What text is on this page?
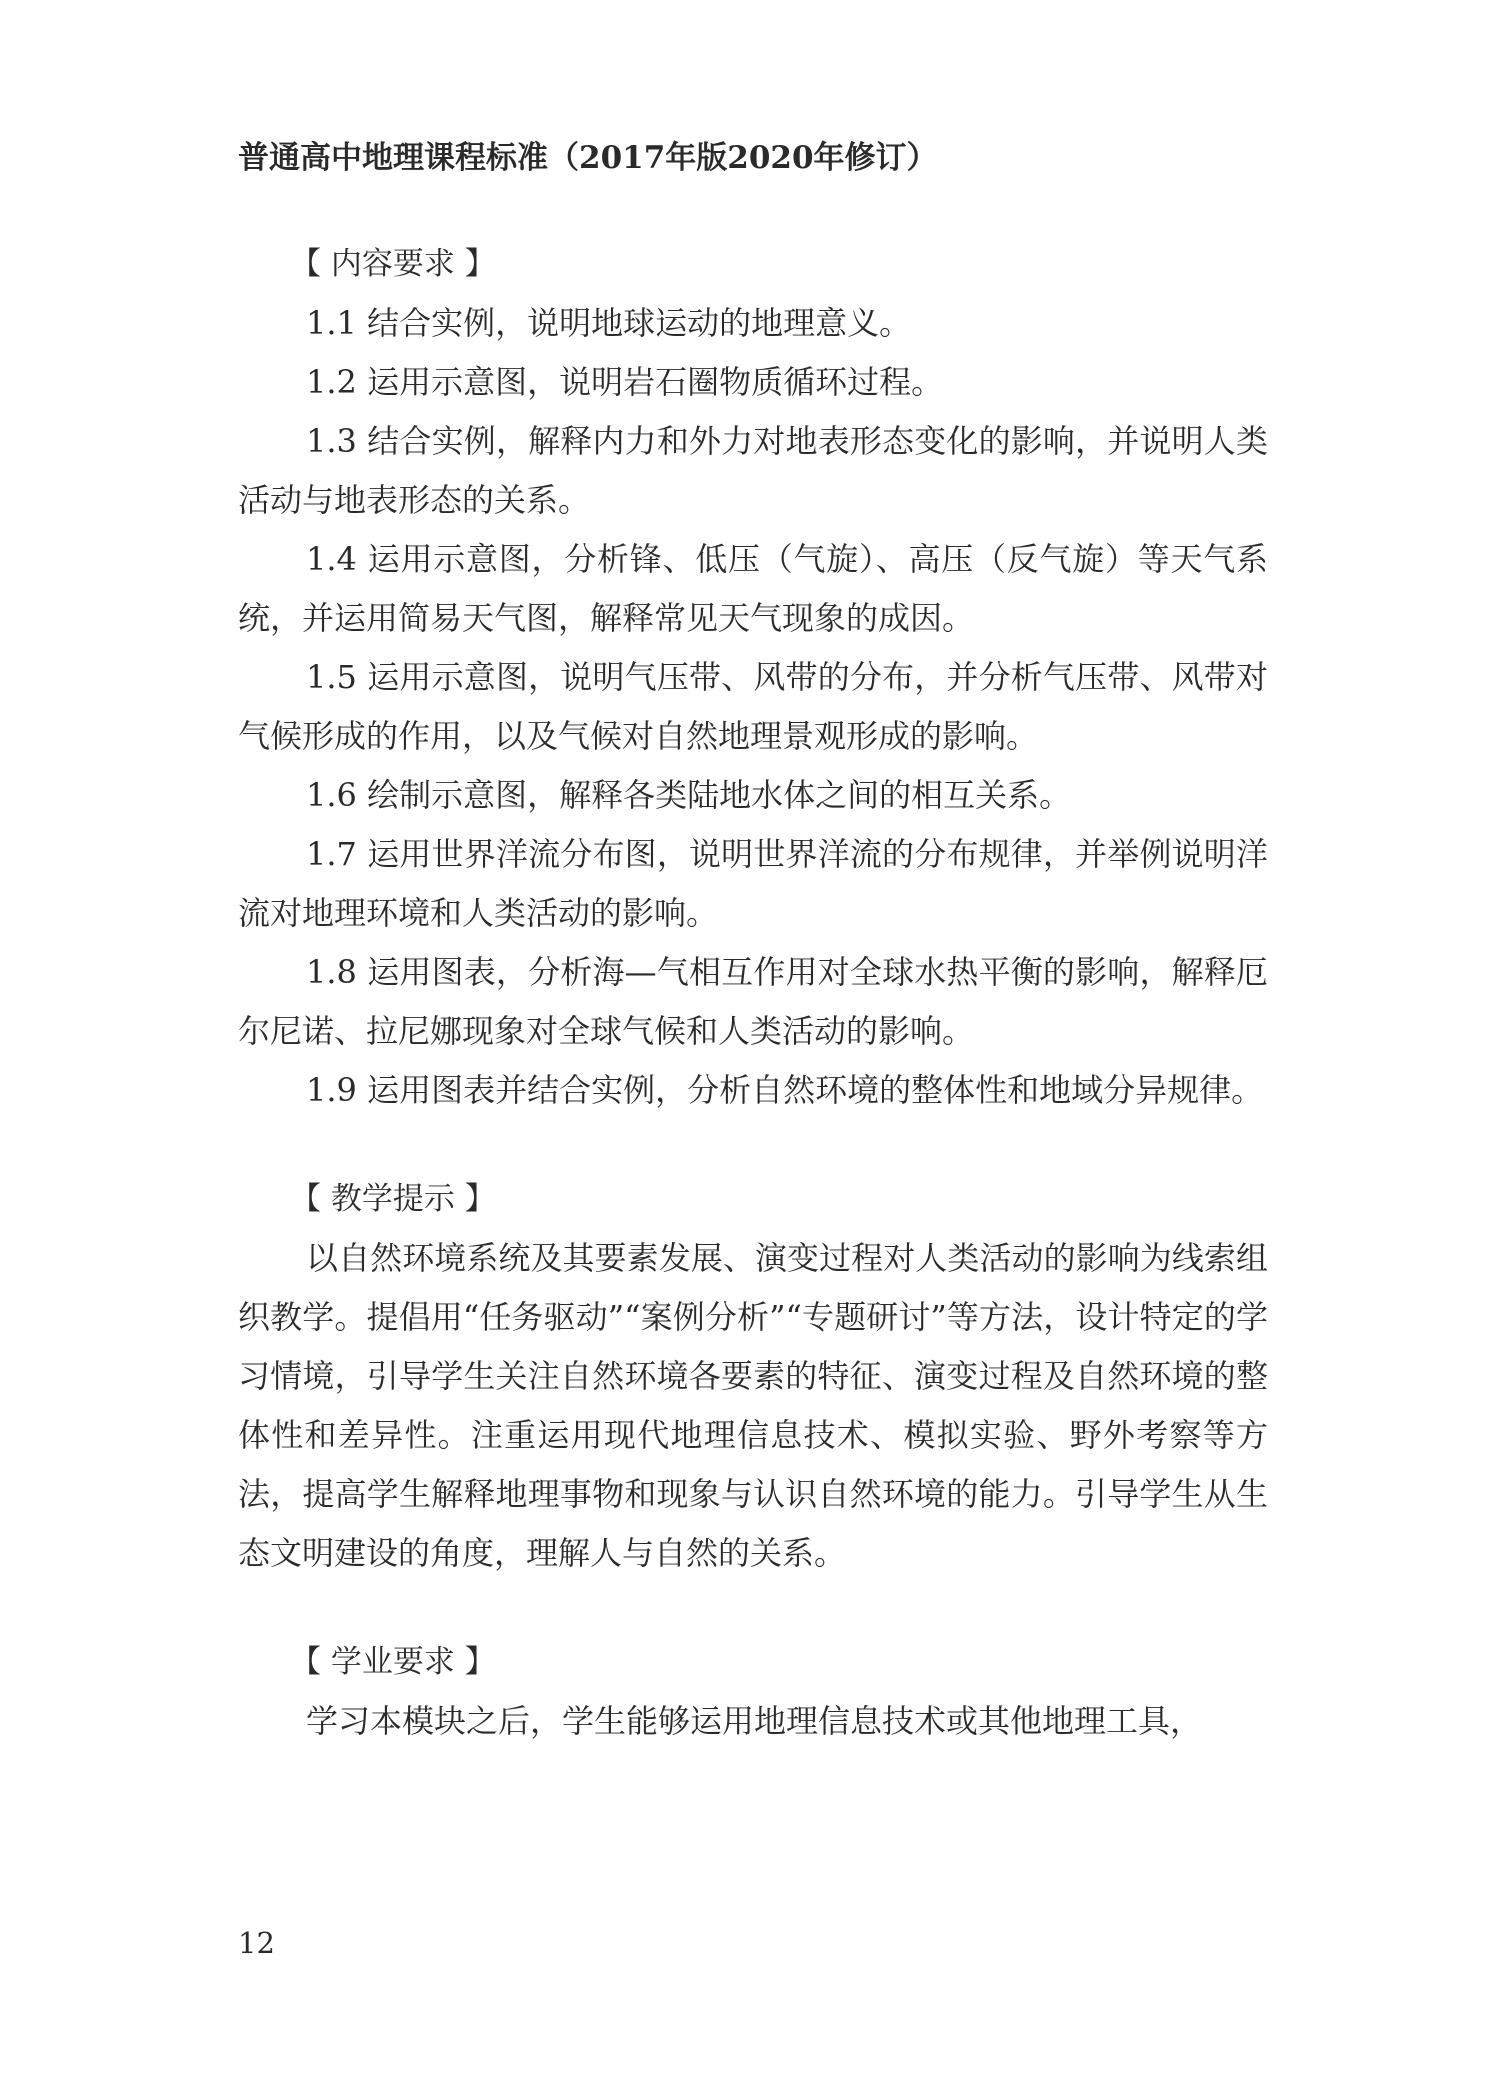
普通高中地理课程标准（2017年版2020年修订）
【 内容要求 】

1.1 结合实例，说明地球运动的地理意义。

1.2 运用示意图，说明岩石圈物质循环过程。

1.3 结合实例，解释内力和外力对地表形态变化的影响，并说明人类活动与地表形态的关系。

1.4 运用示意图，分析锋、低压（气旋）、高压（反气旋）等天气系统，并运用简易天气图，解释常见天气现象的成因。

1.5 运用示意图，说明气压带、风带的分布，并分析气压带、风带对气候形成的作用，以及气候对自然地理景观形成的影响。

1.6 绘制示意图，解释各类陆地水体之间的相互关系。

1.7 运用世界洋流分布图，说明世界洋流的分布规律，并举例说明洋流对地理环境和人类活动的影响。

1.8 运用图表，分析海—气相互作用对全球水热平衡的影响，解释厄尔尼诺、拉尼娜现象对全球气候和人类活动的影响。

1.9 运用图表并结合实例，分析自然环境的整体性和地域分异规律。

【 教学提示 】

以自然环境系统及其要素发展、演变过程对人类活动的影响为线索组织教学。提倡用“任务驱动”“案例分析”“专题研讨”等方法，设计特定的学习情境，引导学生关注自然环境各要素的特征、演变过程及自然环境的整体性和差异性。注重运用现代地理信息技术、模拟实验、野外考察等方法，提高学生解释地理事物和现象与认识自然环境的能力。引导学生从生态文明建设的角度，理解人与自然的关系。

【 学业要求 】

学习本模块之后，学生能够运用地理信息技术或其他地理工具，

12
